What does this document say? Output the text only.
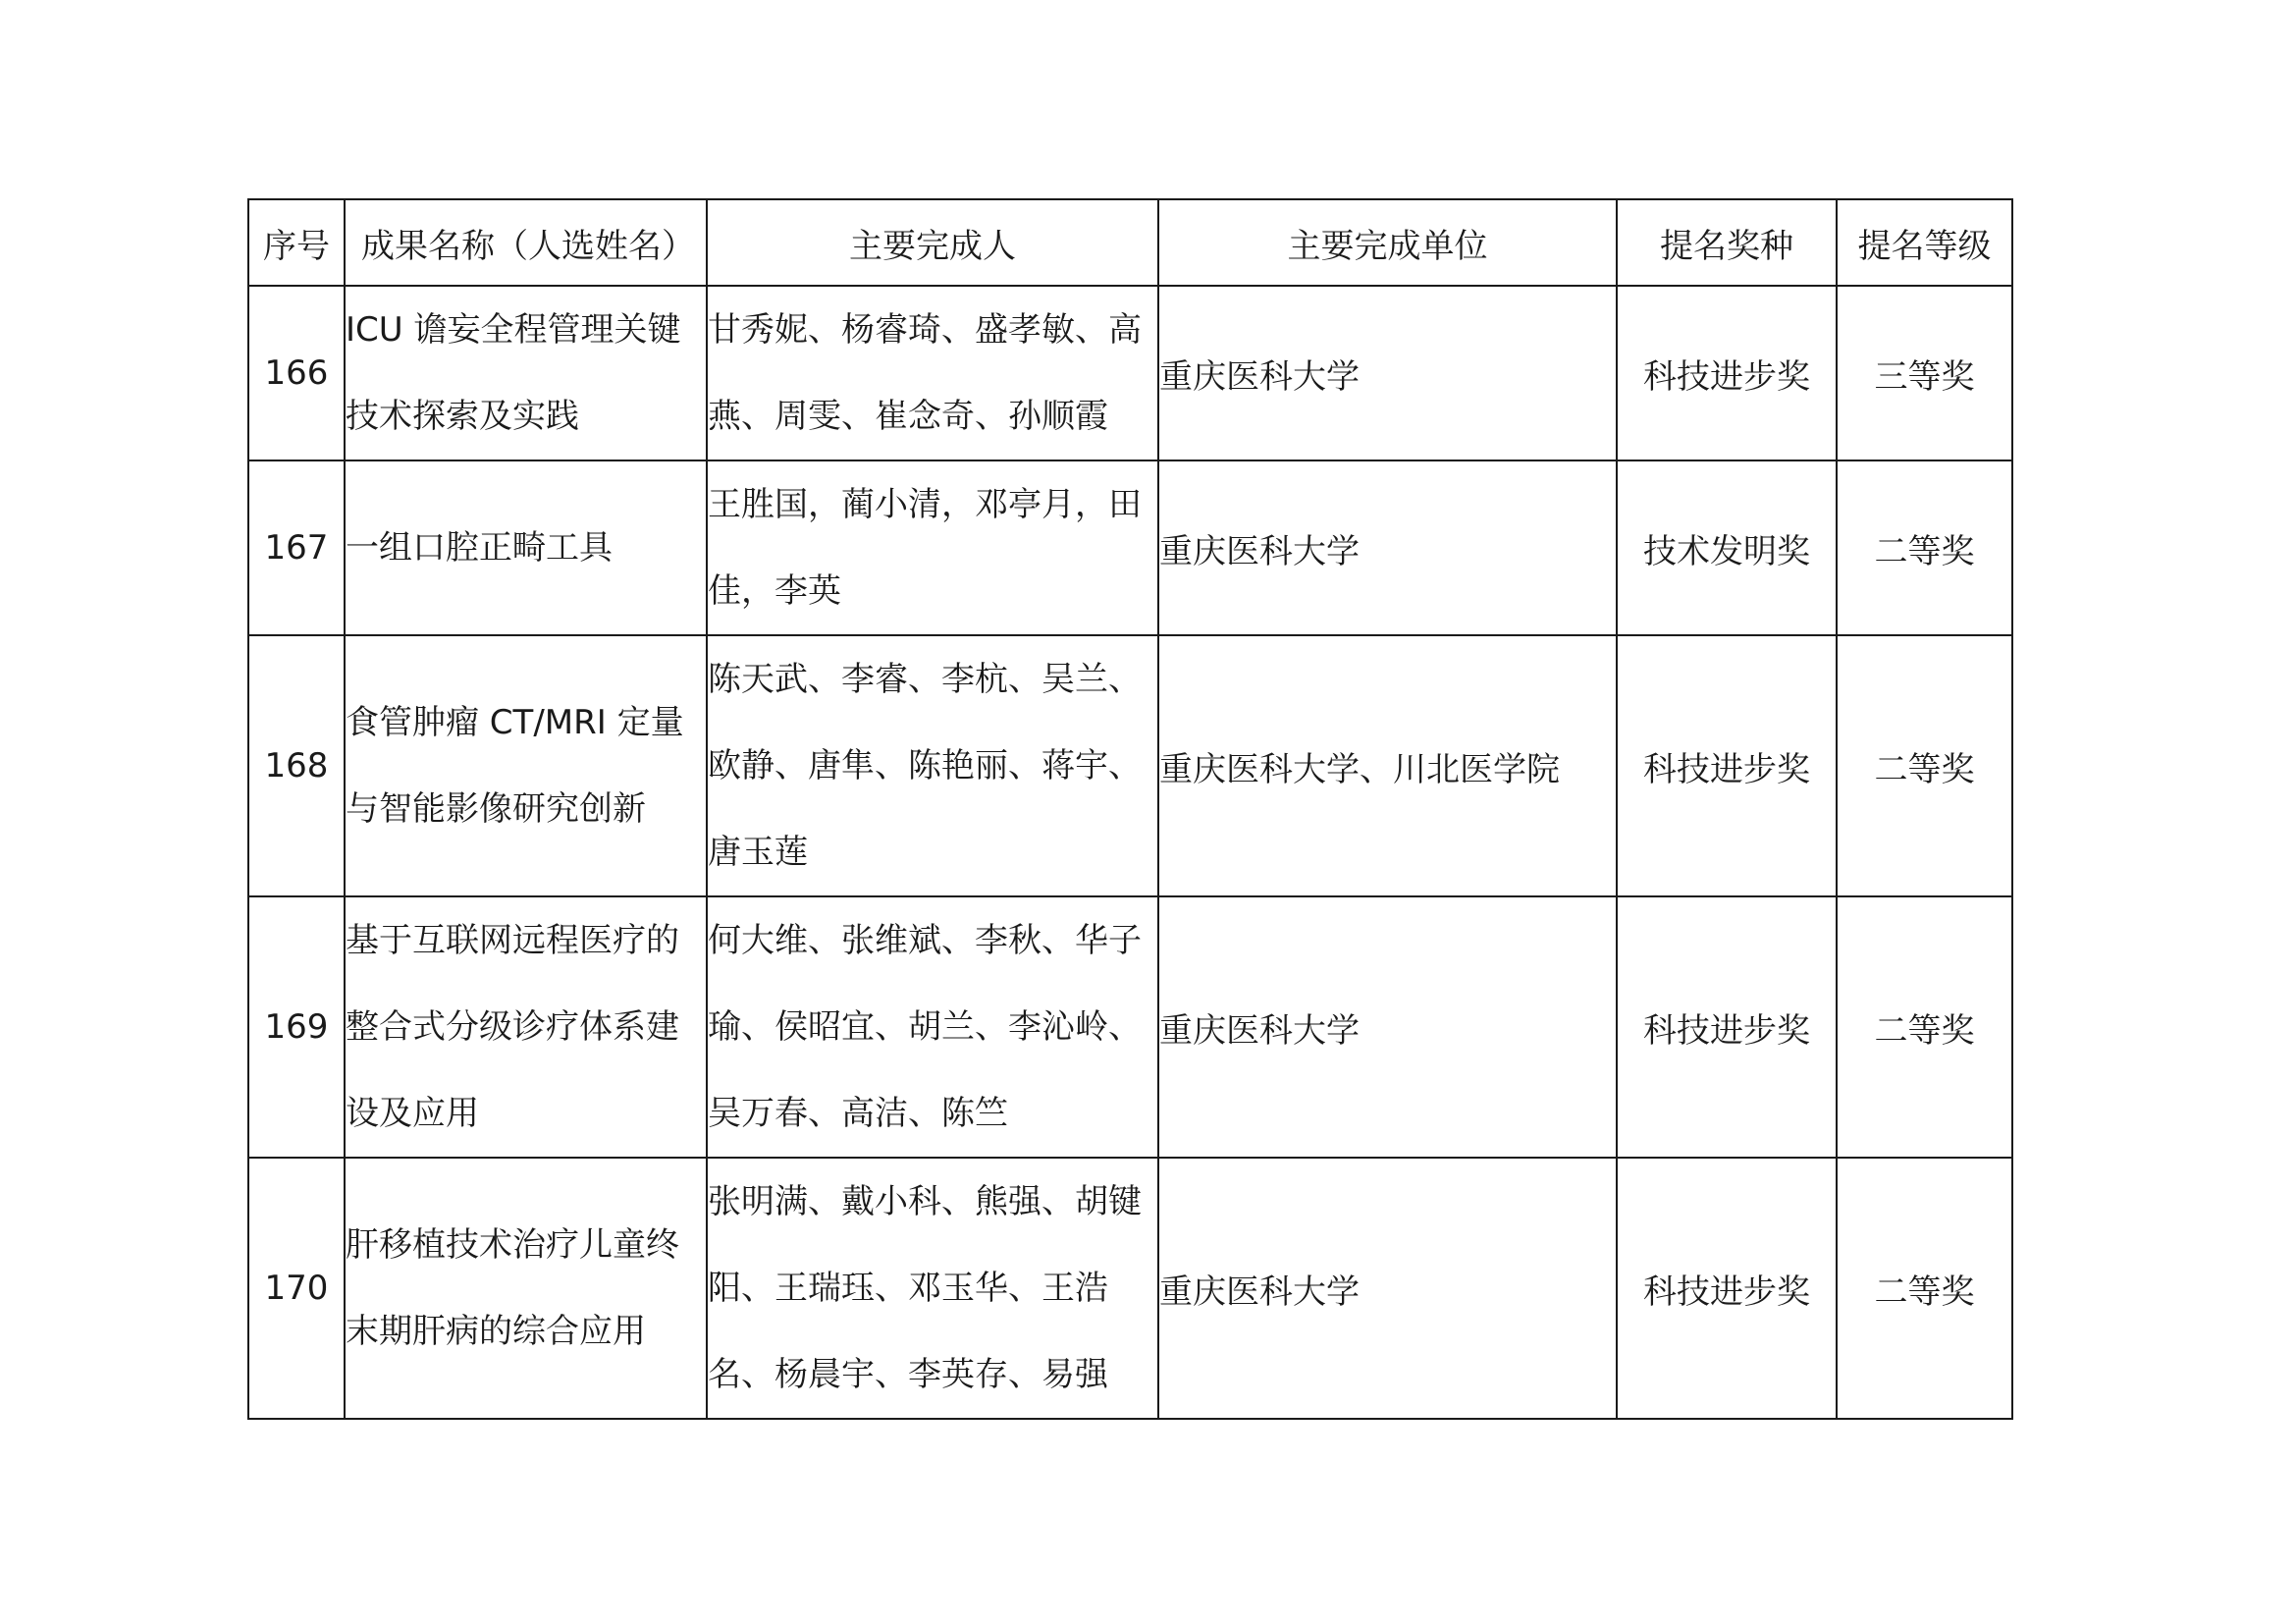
序号	成果名称（人选姓名）	主要完成人	主要完成单位	提名奖种	提名等级
166	ICU 谵妄全程管理关键技术探索及实践	甘秀妮、杨睿琦、盛孝敏、高燕、周雯、崔念奇、孙顺霞	重庆医科大学	科技进步奖	三等奖
167	一组口腔正畸工具	王胜国，蔺小清，邓亭月，田佳，李英	重庆医科大学	技术发明奖	二等奖
168	食管肿瘤 CT/MRI 定量与智能影像研究创新	陈天武、李睿、李杭、吴兰、欧静、唐隼、陈艳丽、蒋宇、唐玉莲	重庆医科大学、川北医学院	科技进步奖	二等奖
169	基于互联网远程医疗的整合式分级诊疗体系建设及应用	何大维、张维斌、李秋、华子瑜、侯昭宜、胡兰、李沁岭、吴万春、高洁、陈竺	重庆医科大学	科技进步奖	二等奖
170	肝移植技术治疗儿童终末期肝病的综合应用	张明满、戴小科、熊强、胡键阳、王瑞珏、邓玉华、王浩名、杨晨宇、李英存、易强	重庆医科大学	科技进步奖	二等奖
